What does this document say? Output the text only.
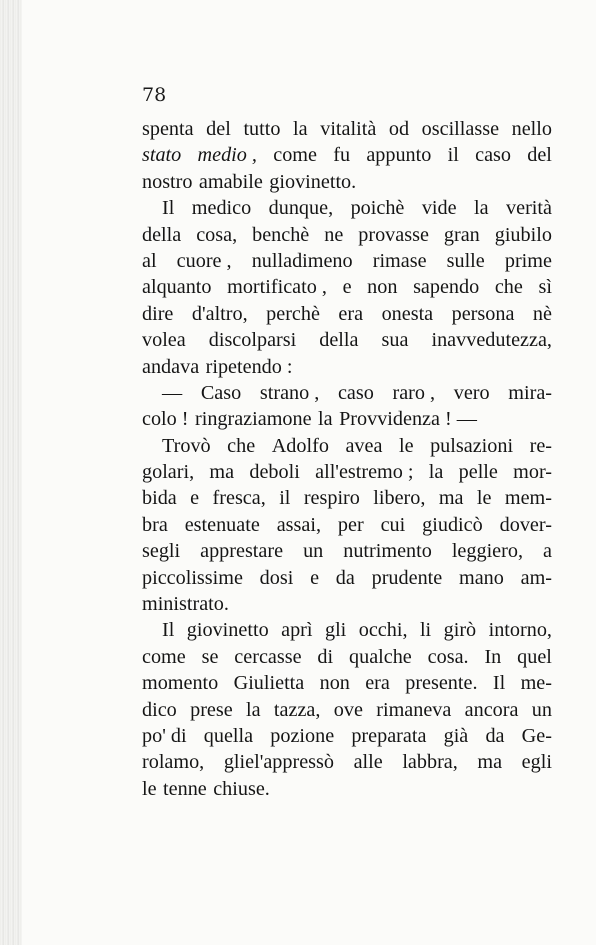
78
spenta del tutto la vitalità od oscillasse nello
stato medio , come fu appunto il caso del
nostro amabile giovinetto.
Il medico dunque, poichè vide la verità
della cosa, benchè ne provasse gran giubilo
al cuore , nulladimeno rimase sulle prime
alquanto mortificato , e non sapendo che sì
dire d'altro, perchè era onesta persona nè
volea discolparsi della sua inavvedutezza,
andava ripetendo :
— Caso strano , caso raro , vero mira-
colo ! ringraziamone la Provvidenza ! —
Trovò che Adolfo avea le pulsazioni re-
golari, ma deboli all'estremo ; la pelle mor-
bida e fresca, il respiro libero, ma le mem-
bra estenuate assai, per cui giudicò dover-
segli apprestare un nutrimento leggiero, a
piccolissime dosi e da prudente mano am-
ministrato.
Il giovinetto aprì gli occhi, li girò intorno,
come se cercasse di qualche cosa. In quel
momento Giulietta non era presente. Il me-
dico prese la tazza, ove rimaneva ancora un
po' di quella pozione preparata già da Ge-
rolamo, gliel'appressò alle labbra, ma egli
le tenne chiuse.
